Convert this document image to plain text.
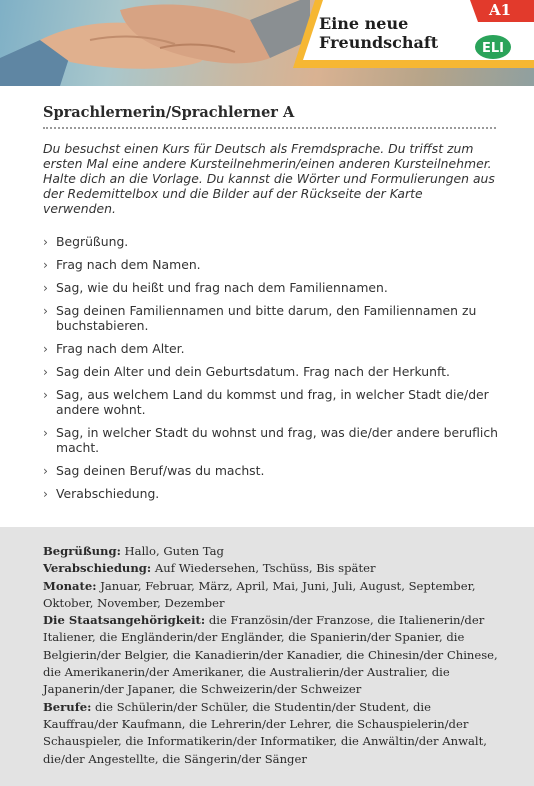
Eine neue
Freundschaft
A1
ELI
Sprachlernerin/Sprachlerner A

Du besuchst einen Kurs für Deutsch als Fremdsprache. Du triffst zum ersten Mal eine andere Kursteilnehmerin/einen anderen Kursteilnehmer.

Halte dich an die Vorlage. Du kannst die Wörter und Formulierungen aus der Redemittelbox und die Bilder auf der Rückseite der Karte verwenden.

› Begrüßung.
› Frag nach dem Namen.
› Sag, wie du heißt und frag nach dem Familiennamen.
› Sag deinen Familiennamen und bitte darum, den Familiennamen zu buchstabieren.
› Frag nach dem Alter.
› Sag dein Alter und dein Geburtsdatum. Frag nach der Herkunft.
› Sag, aus welchem Land du kommst und frag, in welcher Stadt die/der andere wohnt.
› Sag, in welcher Stadt du wohnst und frag, was die/der andere beruflich macht.
› Sag deinen Beruf/was du machst.
› Verabschiedung.
Begrüßung: Hallo, Guten Tag
Verabschiedung: Auf Wiedersehen, Tschüss, Bis später
Monate: Januar, Februar, März, April, Mai, Juni, Juli, August, September, Oktober, November, Dezember
Die Staatsangehörigkeit: die Französin/der Franzose, die Italienerin/der Italiener, die Engländerin/der Engländer, die Spanierin/der Spanier, die Belgierin/der Belgier, die Kanadierin/der Kanadier, die Chinesin/der Chinese, die Amerikanerin/der Amerikaner, die Australierin/der Australier, die Japanerin/der Japaner, die Schweizerin/der Schweizer
Berufe: die Schülerin/der Schüler, die Studentin/der Student, die Kauffrau/der Kaufmann, die Lehrerin/der Lehrer, die Schauspielerin/der Schauspieler, die Informatikerin/der Informatiker, die Anwältin/der Anwalt, die/der Angestellte, die Sängerin/der Sänger
